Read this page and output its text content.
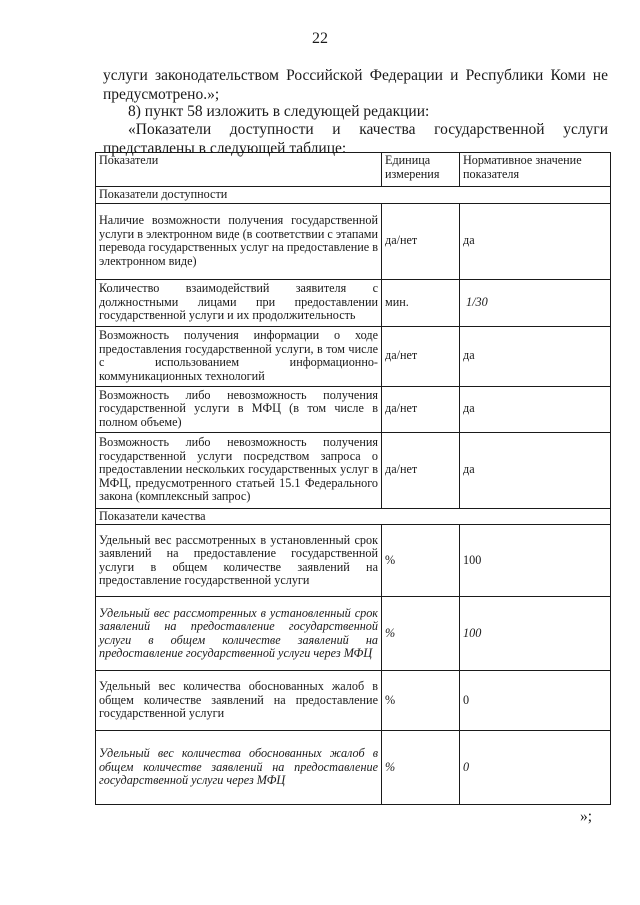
22
услуги законодательством Российской Федерации и Республики Коми не предусмотрено.»;
8) пункт 58 изложить в следующей редакции:
«Показатели доступности и качества государственной услуги
представлены в следующей таблице:
Показатели	Единица измерения	Нормативное значение показателя
Показатели доступности		
Наличие возможности получения государственной услуги в электронном виде (в соответствии с этапами перевода государственных услуг на предоставление в электронном виде)	да/нет	да
Количество взаимодействий заявителя с должностными лицами при предоставлении государственной услуги и их продолжительность	мин.	1/30
Возможность получения информации о ходе предоставления государственной услуги, в том числе с использованием информационно-коммуникационных технологий	да/нет	да
Возможность либо невозможность получения государственной услуги в МФЦ (в том числе в полном объеме)	да/нет	да
Возможность либо невозможность получения государственной услуги посредством запроса о предоставлении нескольких государственных услуг в МФЦ, предусмотренного статьей 15.1 Федерального закона (комплексный запрос)	да/нет	да
Показатели качества		
Удельный вес рассмотренных в установленный срок заявлений на предоставление государственной услуги в общем количестве заявлений на предоставление государственной услуги	%	100
Удельный вес рассмотренных в установленный срок заявлений на предоставление государственной услуги в общем количестве заявлений на предоставление государственной услуги через МФЦ	%	100
Удельный вес количества обоснованных жалоб в общем количестве заявлений на предоставление государственной услуги	%	0
Удельный вес количества обоснованных жалоб в общем количестве заявлений на предоставление государственной услуги через МФЦ	%	0
»;
